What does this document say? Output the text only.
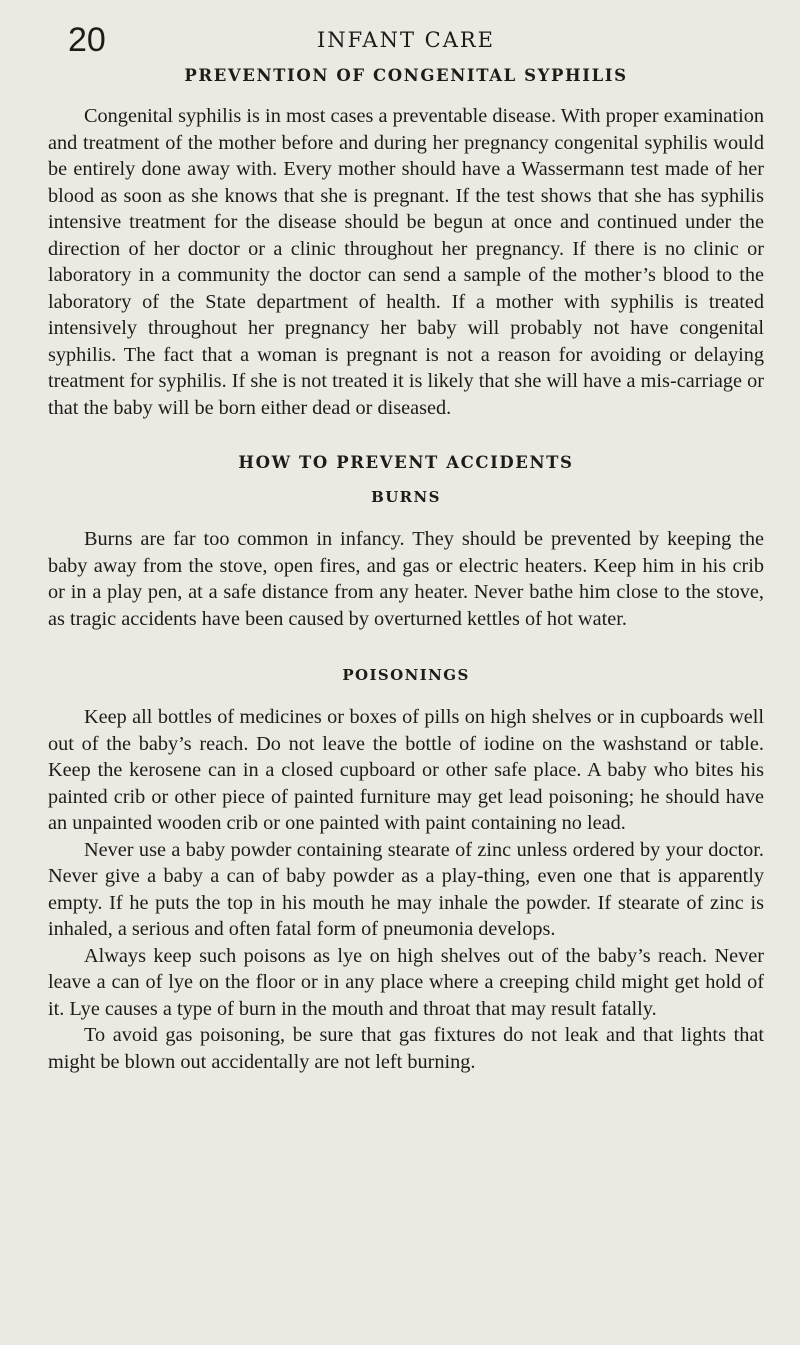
20	INFANT CARE
PREVENTION OF CONGENITAL SYPHILIS

Congenital syphilis is in most cases a preventable disease. With proper examination and treatment of the mother before and during her pregnancy congenital syphilis would be entirely done away with. Every mother should have a Wassermann test made of her blood as soon as she knows that she is pregnant. If the test shows that she has syphilis intensive treatment for the disease should be begun at once and continued under the direction of her doctor or a clinic throughout her pregnancy. If there is no clinic or laboratory in a community the doctor can send a sample of the mother’s blood to the laboratory of the State department of health. If a mother with syphilis is treated intensively throughout her pregnancy her baby will probably not have congenital syphilis. The fact that a woman is pregnant is not a reason for avoiding or delaying treatment for syphilis. If she is not treated it is likely that she will have a mis-carriage or that the baby will be born either dead or diseased.

HOW TO PREVENT ACCIDENTS
BURNS

Burns are far too common in infancy. They should be prevented by keeping the baby away from the stove, open fires, and gas or electric heaters. Keep him in his crib or in a play pen, at a safe distance from any heater. Never bathe him close to the stove, as tragic accidents have been caused by overturned kettles of hot water.

POISONINGS

Keep all bottles of medicines or boxes of pills on high shelves or in cupboards well out of the baby’s reach. Do not leave the bottle of iodine on the washstand or table. Keep the kerosene can in a closed cupboard or other safe place. A baby who bites his painted crib or other piece of painted furniture may get lead poisoning; he should have an unpainted wooden crib or one painted with paint containing no lead.

Never use a baby powder containing stearate of zinc unless ordered by your doctor. Never give a baby a can of baby powder as a play-thing, even one that is apparently empty. If he puts the top in his mouth he may inhale the powder. If stearate of zinc is inhaled, a serious and often fatal form of pneumonia develops.

Always keep such poisons as lye on high shelves out of the baby’s reach. Never leave a can of lye on the floor or in any place where a creeping child might get hold of it. Lye causes a type of burn in the mouth and throat that may result fatally.

To avoid gas poisoning, be sure that gas fixtures do not leak and that lights that might be blown out accidentally are not left burning.
